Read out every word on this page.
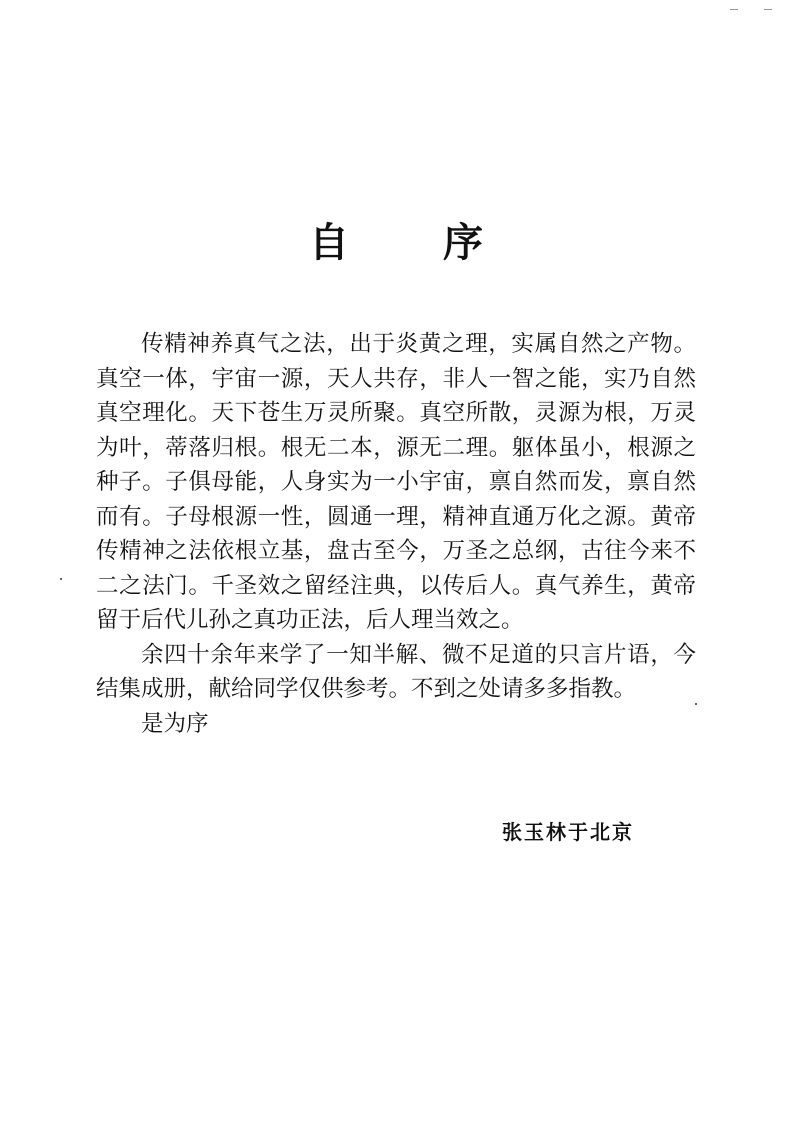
自 序

传精神养真气之法，出于炎黄之理，实属自然之产物。真空一体，宇宙一源，天人共存，非人一智之能，实乃自然真空理化。天下苍生万灵所聚。真空所散，灵源为根，万灵为叶，蒂落归根。根无二本，源无二理。躯体虽小，根源之种子。子俱母能，人身实为一小宇宙，禀自然而发，禀自然而有。子母根源一性，圆通一理，精神直通万化之源。黄帝传精神之法依根立基，盘古至今，万圣之总纲，古往今来不二之法门。千圣效之留经注典，以传后人。真气养生，黄帝留于后代儿孙之真功正法，后人理当效之。

余四十余年来学了一知半解、微不足道的只言片语，今结集成册，献给同学仅供参考。不到之处请多多指教。

是为序

张玉林于北京
